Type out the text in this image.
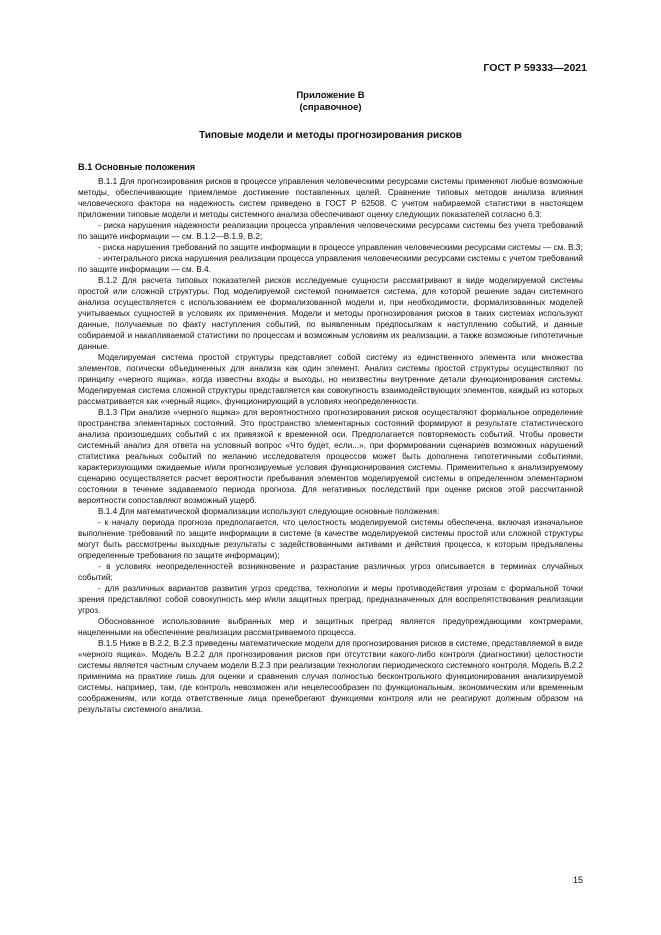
ГОСТ Р 59333—2021
Приложение В
(справочное)
Типовые модели и методы прогнозирования рисков
В.1 Основные положения

В.1.1 Для прогнозирования рисков в процессе управления человеческими ресурсами системы применяют любые возможные методы, обеспечивающие приемлемое достижение поставленных целей. Сравнение типовых методов анализа влияния человеческого фактора на надежность систем приведено в ГОСТ Р 62508. С учетом набираемой статистики в настоящем приложении типовые модели и методы системного анализа обеспечивают оценку следующих показателей согласно 6.3:

- риска нарушения надежности реализации процесса управления человеческими ресурсами системы без учета требований по защите информации — см. В.1.2—В.1.9, В.2;

- риска нарушения требований по защите информации в процессе управления человеческими ресурсами системы — см. В.3;

- интегрального риска нарушения реализации процесса управления человеческими ресурсами системы с учетом требований по защите информации — см. В.4.

В.1.2 Для расчета типовых показателей рисков исследуемые сущности рассматривают в виде моделируемой системы простой или сложной структуры. Под моделируемой системой понимается система, для которой решение задач системного анализа осуществляется с использованием ее формализованной модели и, при необходимости, формализованных моделей учитываемых сущностей в условиях их применения. Модели и методы прогнозирования рисков в таких системах используют данные, получаемые по факту наступления событий, по выявленным предпосылкам к наступлению событий, и данные собираемой и накапливаемой статистики по процессам и возможным условиям их реализации, а также возможные гипотетичные данные.

Моделируемая система простой структуры представляет собой систему из единственного элемента или множества элементов, логически объединенных для анализа как один элемент. Анализ системы простой структуры осуществляют по принципу «черного ящика», когда известны входы и выходы, но неизвестны внутренние детали функционирования системы. Моделируемая система сложной структуры представляется как совокупность взаимодействующих элементов, каждый из которых рассматривается как «черный ящик», функционирующий в условиях неопределенности.

В.1.3 При анализе «черного ящика» для вероятностного прогнозирования рисков осуществляют формальное определение пространства элементарных состояний. Это пространство элементарных состояний формируют в результате статистического анализа произошедших событий с их привязкой к временной оси. Предполагается повторяемость событий. Чтобы провести системный анализ для ответа на условный вопрос «Что будет, если...», при формировании сценариев возможных нарушений статистика реальных событий по желанию исследователя процессов может быть дополнена гипотетичными событиями, характеризующими ожидаемые и/или прогнозируемые условия функционирования системы. Применительно к анализируемому сценарию осуществляется расчет вероятности пребывания элементов моделируемой системы в определенном элементарном состоянии в течение задаваемого периода прогноза. Для негативных последствий при оценке рисков этой рассчитанной вероятности сопоставляют возможный ущерб.

В.1.4 Для математической формализации используют следующие основные положения:

- к началу периода прогноза предполагается, что целостность моделируемой системы обеспечена, включая изначальное выполнение требований по защите информации в системе (в качестве моделируемой системы простой или сложной структуры могут быть рассмотрены выходные результаты с задействованными активами и действия процесса, к которым предъявлены определенные требования по защите информации);

- в условиях неопределенностей возникновение и разрастание различных угроз описывается в терминах случайных событий;

- для различных вариантов развития угроз средства, технологии и меры противодействия угрозам с формальной точки зрения представляют собой совокупность мер и/или защитных преград, предназначенных для воспрепятствования реализации угроз.

Обоснованное использование выбранных мер и защитных преград является предупреждающими контрмерами, нацеленными на обеспечение реализации рассматриваемого процесса.

В.1.5 Ниже в В.2.2, В.2.3 приведены математические модели для прогнозирования рисков в системе, представляемой в виде «черного ящика». Модель В.2.2 для прогнозирования рисков при отсутствии какого-либо контроля (диагностики) целостности системы является частным случаем модели В.2.3 при реализации технологии периодического системного контроля. Модель В.2.2 применима на практике лишь для оценки и сравнения случая полностью бесконтрольного функционирования анализируемой системы, например, там, где контроль невозможен или нецелесообразен по функциональным, экономическим или временным соображениям, или когда ответственные лица пренебрегают функциями контроля или не реагируют должным образом на результаты системного анализа.

15
